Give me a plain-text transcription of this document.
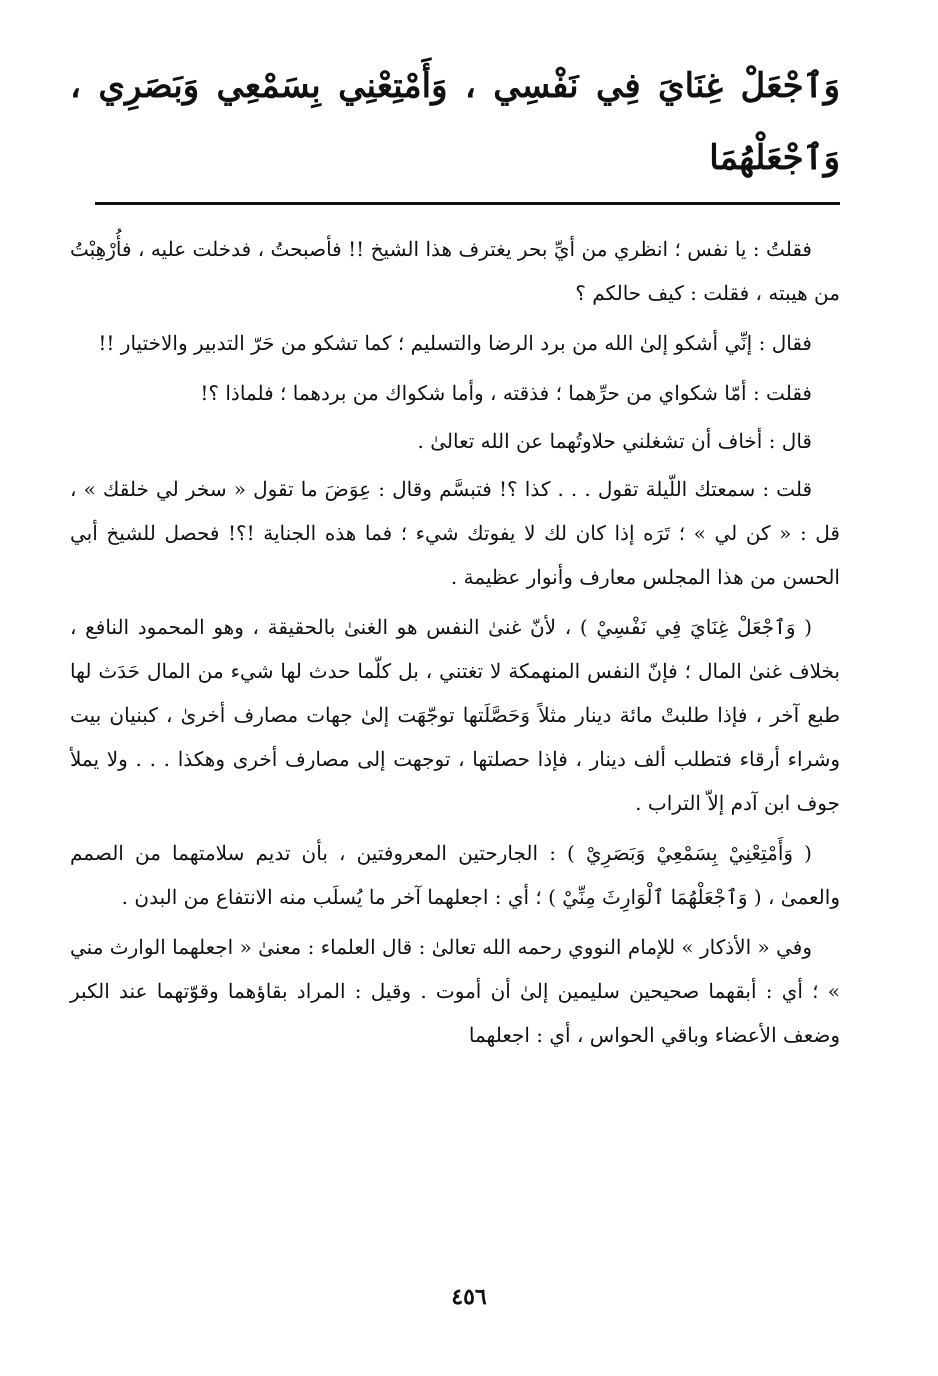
وَٱجْعَلْ غِنَايَ فِي نَفْسِي ، وَأَمْتِعْنِي بِسَمْعِي وَبَصَرِي ، وَٱجْعَلْهُمَا

فقلتُ : يا نفس ؛ انظري من أيِّ بحر يغترف هذا الشيخ !! فأصبحتُ ، فدخلت عليه ، فأُرْهِبْتُ من هيبته ، فقلت : كيف حالكم ؟

فقال : إنِّي أشكو إلىٰ الله من برد الرضا والتسليم ؛ كما تشكو من حَرّ التدبير والاختيار !!

فقلت : أمّا شكواي من حرِّهما ؛ فذقته ، وأما شكواك من بردهما ؛ فلماذا ؟!

قال : أخاف أن تشغلني حلاوتُهما عن الله تعالىٰ .

قلت : سمعتك اللّيلة تقول . . . كذا ؟! فتبسَّم وقال : عِوَضَ ما تقول « سخر لي خلقك » ، قل : « كن لي » ؛ تَرَه إذا كان لك لا يفوتك شيء ؛ فما هذه الجناية !؟! فحصل للشيخ أبي الحسن من هذا المجلس معارف وأنوار عظيمة .

( وَٱجْعَلْ غِنَايَ فِي نَفْسِيْ ) ، لأنّ غنىٰ النفس هو الغنىٰ بالحقيقة ، وهو المحمود النافع ، بخلاف غنىٰ المال ؛ فإنّ النفس المنهمكة لا تغتني ، بل كلّما حدث لها شيء من المال حَدَث لها طبع آخر ، فإذا طلبتْ مائة دينار مثلاً وَحَصَّلَتها توجّهَت إلىٰ جهات مصارف أخرىٰ ، كبنيان بيت وشراء أرقاء فتطلب ألف دينار ، فإذا حصلتها ، توجهت إلى مصارف أخرى وهكذا . . . ولا يملأ جوف ابن آدم إلاّ التراب .

( وَأَمْتِعْنِيْ بِسَمْعِيْ وَبَصَرِيْ ) : الجارحتين المعروفتين ، بأن تديم سلامتهما من الصمم والعمىٰ ، ( وَٱجْعَلْهُمَا ٱلْوَارِثَ مِنِّيْ ) ؛ أي : اجعلهما آخر ما يُسلَب منه الانتفاع من البدن .

وفي « الأذكار » للإمام النووي رحمه الله تعالىٰ : قال العلماء : معنىٰ « اجعلهما الوارث مني » ؛ أي : أبقهما صحيحين سليمين إلىٰ أن أموت . وقيل : المراد بقاؤهما وقوّتهما عند الكبر وضعف الأعضاء وباقي الحواس ، أي : اجعلهما

٤٥٦
